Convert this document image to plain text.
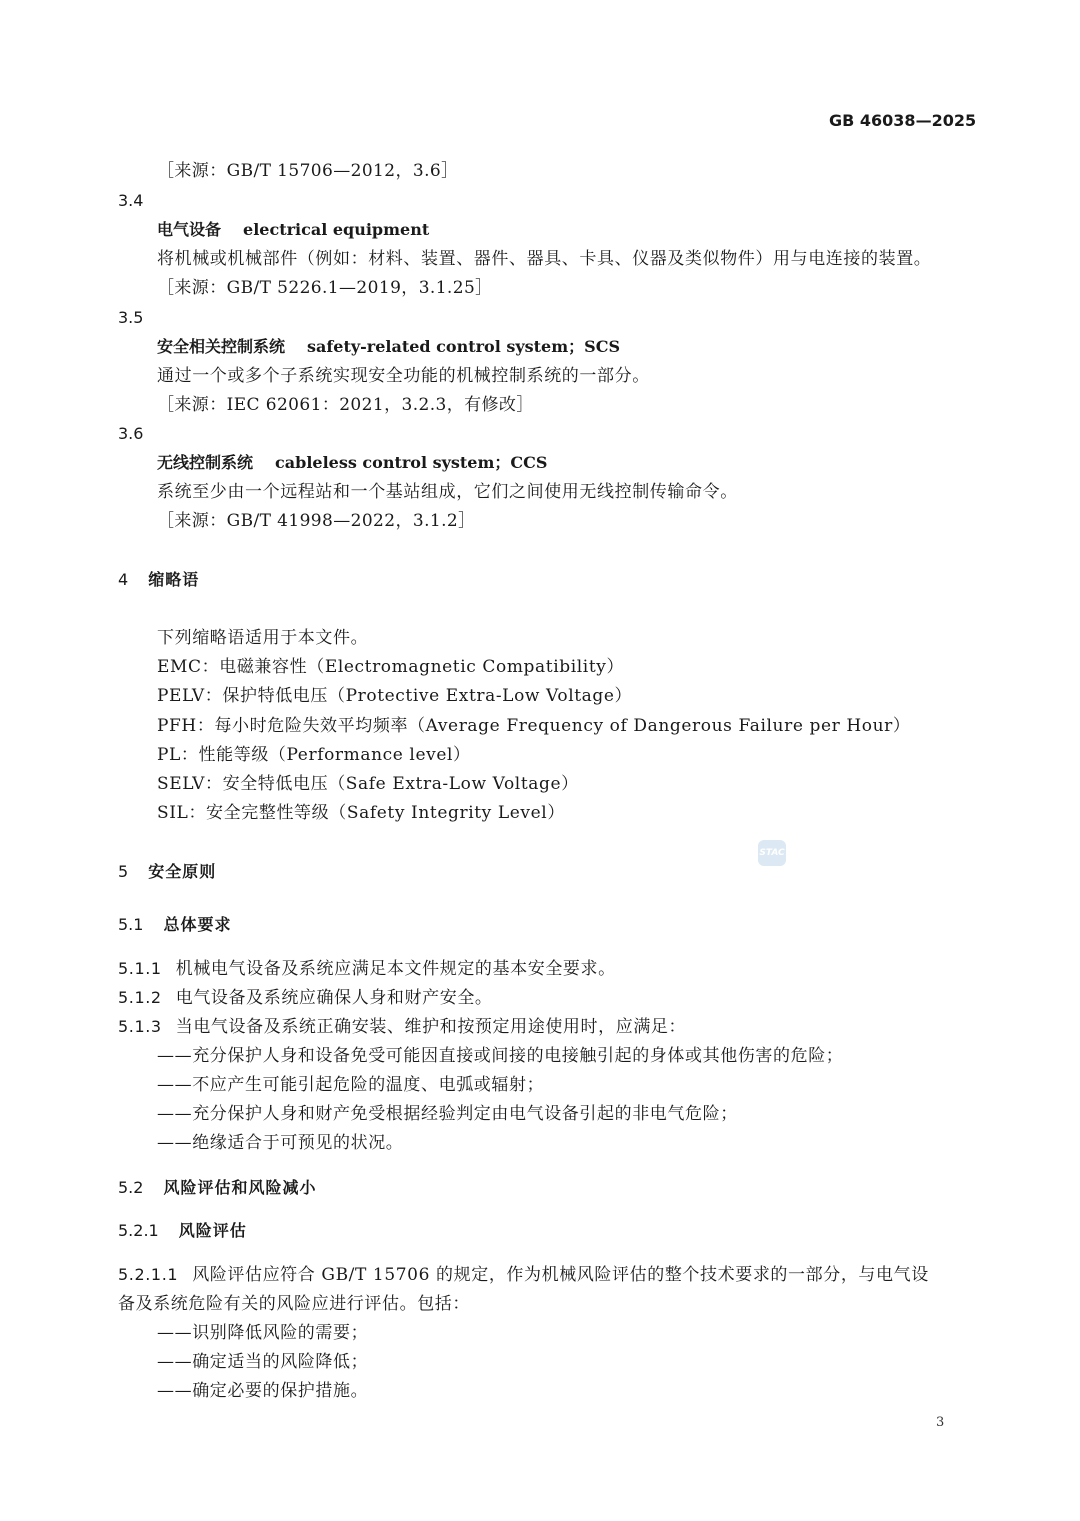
GB 46038—2025
［来源：GB/T 15706—2012，3.6］
3.4
电气设备 electrical equipment
将机械或机械部件（例如：材料、装置、器件、器具、卡具、仪器及类似物件）用与电连接的装置。
［来源：GB/T 5226.1—2019，3.1.25］
3.5
安全相关控制系统 safety-related control system；SCS
通过一个或多个子系统实现安全功能的机械控制系统的一部分。
［来源：IEC 62061：2021，3.2.3，有修改］
3.6
无线控制系统 cableless control system；CCS
系统至少由一个远程站和一个基站组成，它们之间使用无线控制传输命令。
［来源：GB/T 41998—2022，3.1.2］
4 缩略语
下列缩略语适用于本文件。
EMC：电磁兼容性（Electromagnetic Compatibility）
PELV：保护特低电压（Protective Extra-Low Voltage）
PFH：每小时危险失效平均频率（Average Frequency of Dangerous Failure per Hour）
PL：性能等级（Performance level）
SELV：安全特低电压（Safe Extra-Low Voltage）
SIL：安全完整性等级（Safety Integrity Level）
STAC
5 安全原则
5.1 总体要求
5.1.1 机械电气设备及系统应满足本文件规定的基本安全要求。
5.1.2 电气设备及系统应确保人身和财产安全。
5.1.3 当电气设备及系统正确安装、维护和按预定用途使用时，应满足：
——充分保护人身和设备免受可能因直接或间接的电接触引起的身体或其他伤害的危险；
——不应产生可能引起危险的温度、电弧或辐射；
——充分保护人身和财产免受根据经验判定由电气设备引起的非电气危险；
——绝缘适合于可预见的状况。
5.2 风险评估和风险减小
5.2.1 风险评估
5.2.1.1 风险评估应符合 GB/T 15706 的规定，作为机械风险评估的整个技术要求的一部分，与电气设
备及系统危险有关的风险应进行评估。包括：
——识别降低风险的需要；
——确定适当的风险降低；
——确定必要的保护措施。
3
